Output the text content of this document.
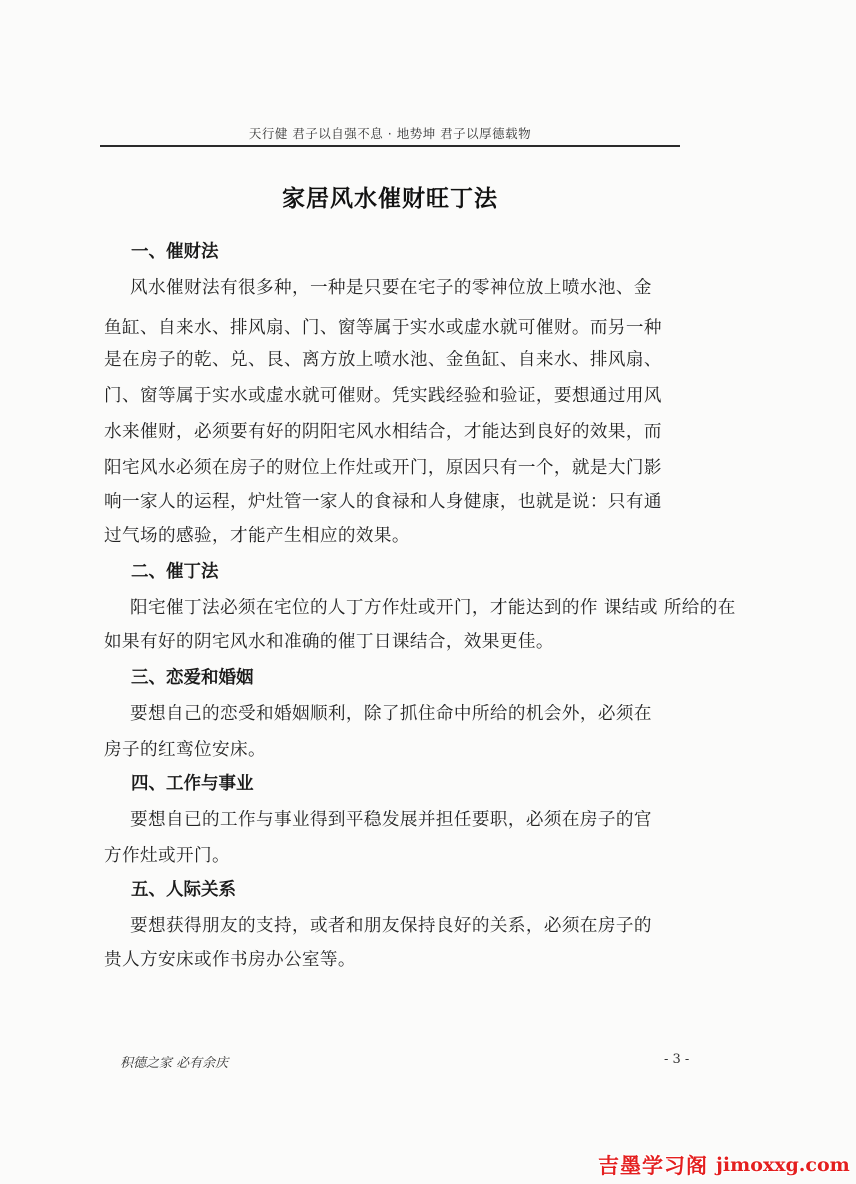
天行健 君子以自强不息 · 地势坤 君子以厚德载物
家居风水催财旺丁法
一、催财法
风水催财法有很多种，一种是只要在宅子的零神位放上喷水池、金
鱼缸、自来水、排风扇、门、窗等属于实水或虚水就可催财。而另一种
是在房子的乾、兑、艮、离方放上喷水池、金鱼缸、自来水、排风扇、
门、窗等属于实水或虚水就可催财。凭实践经验和验证，要想通过用风
水来催财，必须要有好的阴阳宅风水相结合，才能达到良好的效果，而
阳宅风水必须在房子的财位上作灶或开门，原因只有一个，就是大门影
响一家人的运程，炉灶管一家人的食禄和人身健康，也就是说：只有通
过气场的感验，才能产生相应的效果。
二、催丁法
阳宅催丁法必须在宅位的人丁方作灶或开门，才能达到的作 课结或 所给的在
如果有好的阴宅风水和准确的催丁日课结合，效果更佳。
三、恋爱和婚姻
要想自己的恋受和婚姻顺利，除了抓住命中所给的机会外，必须在
房子的红鸾位安床。
四、工作与事业
要想自已的工作与事业得到平稳发展并担任要职，必须在房子的官
方作灶或开门。
五、人际关系
要想获得朋友的支持，或者和朋友保持良好的关系，必须在房子的
贵人方安床或作书房办公室等。
积德之家 必有余庆	- 3 -
吉墨学习阁 jimoxxg.com
